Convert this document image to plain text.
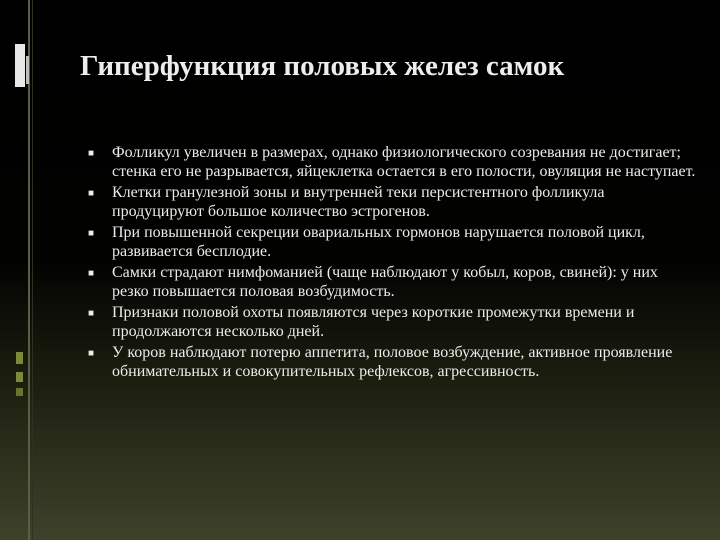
Гиперфункция половых желез самок
■	Фолликул увеличен в размерах, однако физиологического созревания не достигает; стенка его не разрывается, яйцеклетка остается в его полости, овуляция не наступает.
■	Клетки гранулезной зоны и внутренней теки персистентного фолликула продуцируют большое количество эстрогенов.
■	При повышенной секреции овариальных гормонов нарушается половой цикл, развивается бесплодие.
■	Самки страдают нимфоманией (чаще наблюдают у кобыл, коров, свиней): у них резко повышается половая возбудимость.
■	Признаки половой охоты появляются через короткие промежутки времени и продолжаются несколько дней.
■	У коров наблюдают потерю аппетита, половое возбуждение, активное проявление обнимательных и совокупительных рефлексов, агрессивность.
